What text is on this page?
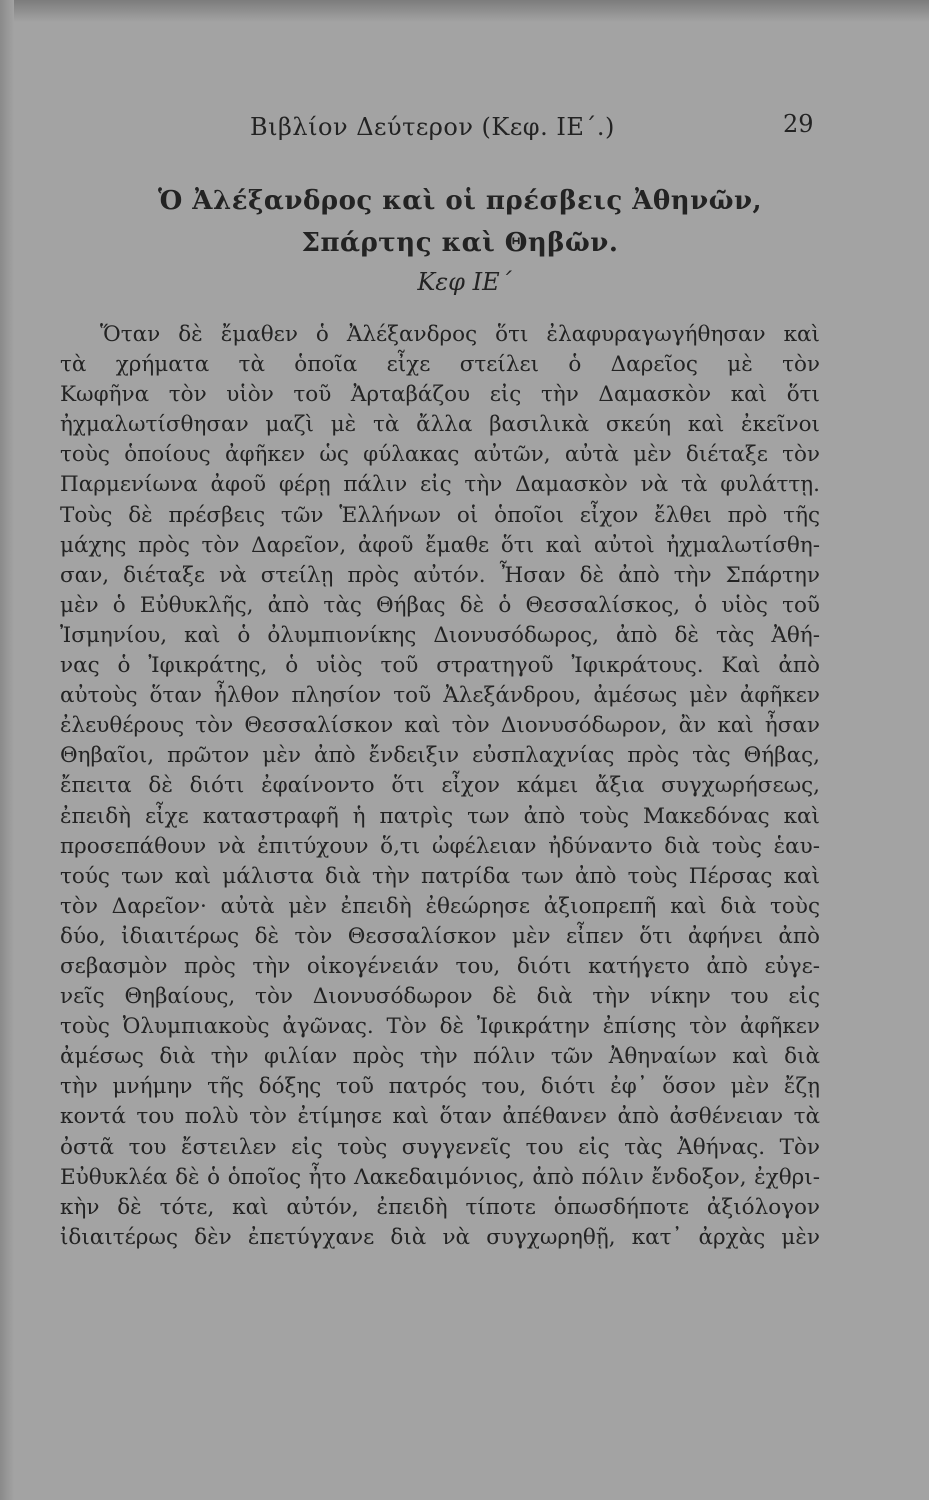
Βιβλίον Δεύτερον (Κεφ. ΙΕ΄.)	29
Ὁ Ἀλέξανδρος καὶ οἱ πρέσβεις Ἀθηνῶν,
Σπάρτης καὶ Θηβῶν.
Κεφ ΙΕ΄
Ὅταν δὲ ἔμαθεν ὁ Ἀλέξανδρος ὅτι ἐλαφυραγωγήθησαν καὶ
τὰ χρήματα τὰ ὁποῖα εἶχε στείλει ὁ Δαρεῖος μὲ τὸν
Κωφῆνα τὸν υἱὸν τοῦ Ἀρταβάζου εἰς τὴν Δαμασκὸν καὶ ὅτι
ἠχμαλωτίσθησαν μαζὶ μὲ τὰ ἄλλα βασιλικὰ σκεύη καὶ ἐκεῖνοι
τοὺς ὁποίους ἀφῆκεν ὡς φύλακας αὐτῶν, αὐτὰ μὲν διέταξε τὸν
Παρμενίωνα ἀφοῦ φέρῃ πάλιν εἰς τὴν Δαμασκὸν νὰ τὰ φυλάττῃ.
Τοὺς δὲ πρέσβεις τῶν Ἑλλήνων οἱ ὁποῖοι εἶχον ἔλθει πρὸ τῆς
μάχης πρὸς τὸν Δαρεῖον, ἀφοῦ ἔμαθε ὅτι καὶ αὐτοὶ ἠχμαλωτίσθη-
σαν, διέταξε νὰ στείλῃ πρὸς αὐτόν. Ἦσαν δὲ ἀπὸ τὴν Σπάρτην
μὲν ὁ Εὐθυκλῆς, ἀπὸ τὰς Θήβας δὲ ὁ Θεσσαλίσκος, ὁ υἱὸς τοῦ
Ἰσμηνίου, καὶ ὁ ὀλυμπιονίκης Διονυσόδωρος, ἀπὸ δὲ τὰς Ἀθή-
νας ὁ Ἰφικράτης, ὁ υἱὸς τοῦ στρατηγοῦ Ἰφικράτους. Καὶ ἀπὸ
αὐτοὺς ὅταν ἦλθον πλησίον τοῦ Ἀλεξάνδρου, ἀμέσως μὲν ἀφῆκεν
ἐλευθέρους τὸν Θεσσαλίσκον καὶ τὸν Διονυσόδωρον, ἂν καὶ ἦσαν
Θηβαῖοι, πρῶτον μὲν ἀπὸ ἔνδειξιν εὐσπλαχνίας πρὸς τὰς Θήβας,
ἔπειτα δὲ διότι ἐφαίνοντο ὅτι εἶχον κάμει ἄξια συγχωρήσεως,
ἐπειδὴ εἶχε καταστραφῆ ἡ πατρὶς των ἀπὸ τοὺς Μακεδόνας καὶ
προσεπάθουν νὰ ἐπιτύχουν ὅ,τι ὠφέλειαν ἠδύναντο διὰ τοὺς ἑαυ-
τούς των καὶ μάλιστα διὰ τὴν πατρίδα των ἀπὸ τοὺς Πέρσας καὶ
τὸν Δαρεῖον· αὐτὰ μὲν ἐπειδὴ ἐθεώρησε ἀξιοπρεπῆ καὶ διὰ τοὺς
δύο, ἰδιαιτέρως δὲ τὸν Θεσσαλίσκον μὲν εἶπεν ὅτι ἀφήνει ἀπὸ
σεβασμὸν πρὸς τὴν οἰκογένειάν του, διότι κατήγετο ἀπὸ εὐγε-
νεῖς Θηβαίους, τὸν Διονυσόδωρον δὲ διὰ τὴν νίκην του εἰς
τοὺς Ὀλυμπιακοὺς ἀγῶνας. Τὸν δὲ Ἰφικράτην ἐπίσης τὸν ἀφῆκεν
ἀμέσως διὰ τὴν φιλίαν πρὸς τὴν πόλιν τῶν Ἀθηναίων καὶ διὰ
τὴν μνήμην τῆς δόξης τοῦ πατρός του, διότι ἐφ᾽ ὅσον μὲν ἔζῃ
κοντά του πολὺ τὸν ἐτίμησε καὶ ὅταν ἀπέθανεν ἀπὸ ἀσθένειαν τὰ
ὀστᾶ του ἔστειλεν εἰς τοὺς συγγενεῖς του εἰς τὰς Ἀθήνας. Τὸν
Εὐθυκλέα δὲ ὁ ὁποῖος ἦτο Λακεδαιμόνιος, ἀπὸ πόλιν ἔνδοξον, ἐχθρι-
κὴν δὲ τότε, καὶ αὐτόν, ἐπειδὴ τίποτε ὁπωσδήποτε ἀξιόλογον
ἰδιαιτέρως δὲν ἐπετύγχανε διὰ νὰ συγχωρηθῇ, κατ᾽ ἀρχὰς μὲν
